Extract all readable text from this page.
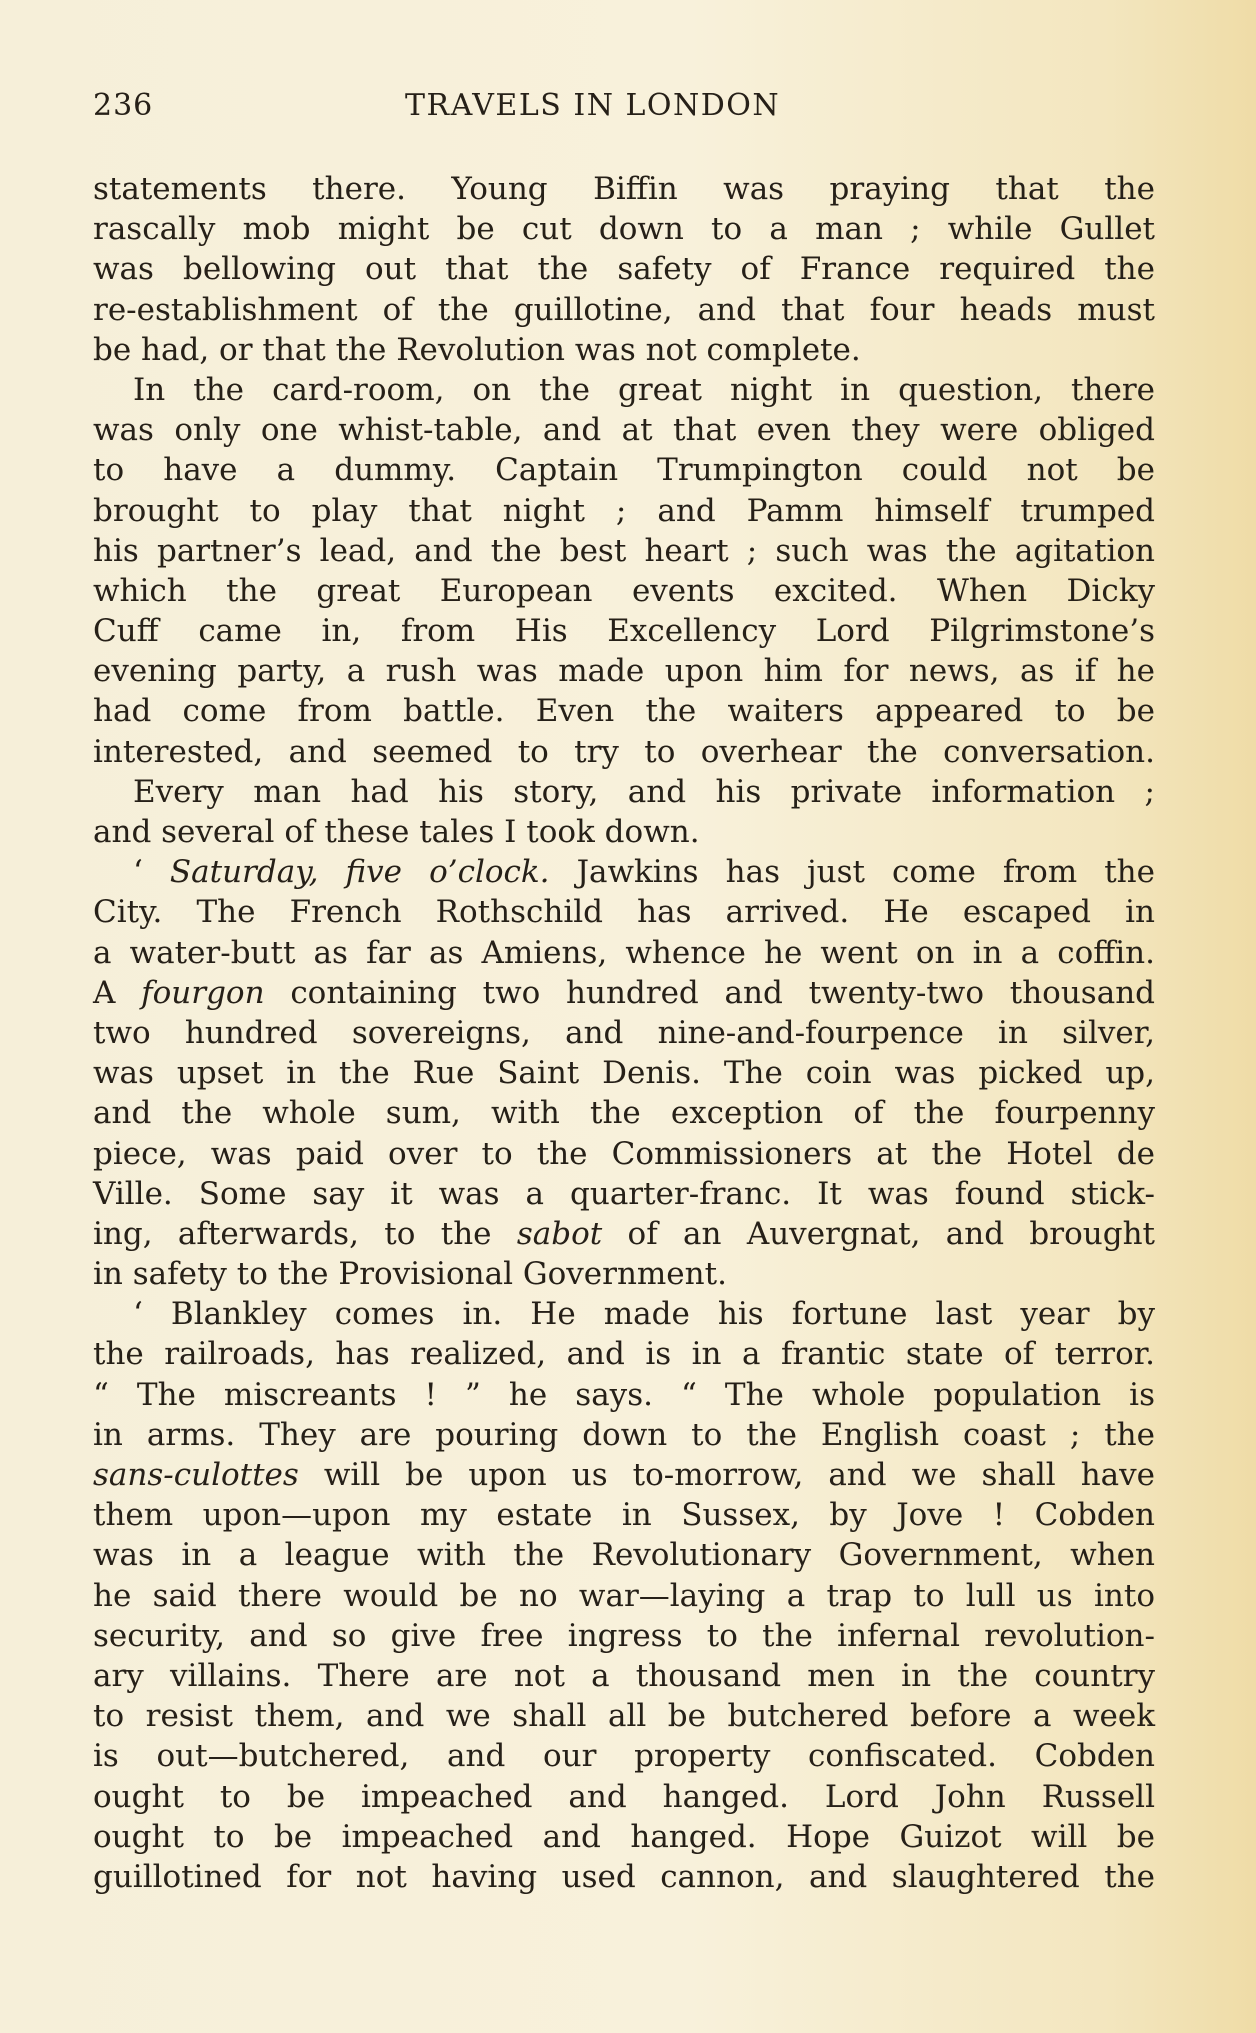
236	TRAVELS IN LONDON
statements there. Young Biffin was praying that the
rascally mob might be cut down to a man ; while Gullet
was bellowing out that the safety of France required the
re-establishment of the guillotine, and that four heads must
be had, or that the Revolution was not complete.
In the card-room, on the great night in question, there
was only one whist-table, and at that even they were obliged
to have a dummy. Captain Trumpington could not be
brought to play that night ; and Pamm himself trumped
his partner’s lead, and the best heart ; such was the agitation
which the great European events excited. When Dicky
Cuff came in, from His Excellency Lord Pilgrimstone’s
evening party, a rush was made upon him for news, as if he
had come from battle. Even the waiters appeared to be
interested, and seemed to try to overhear the conversation.
Every man had his story, and his private information ;
and several of these tales I took down.
‘ Saturday, five o’clock. Jawkins has just come from the
City. The French Rothschild has arrived. He escaped in
a water-butt as far as Amiens, whence he went on in a coffin.
A fourgon containing two hundred and twenty-two thousand
two hundred sovereigns, and nine-and-fourpence in silver,
was upset in the Rue Saint Denis. The coin was picked up,
and the whole sum, with the exception of the fourpenny
piece, was paid over to the Commissioners at the Hotel de
Ville. Some say it was a quarter-franc. It was found stick-
ing, afterwards, to the sabot of an Auvergnat, and brought
in safety to the Provisional Government.
‘ Blankley comes in. He made his fortune last year by
the railroads, has realized, and is in a frantic state of terror.
“ The miscreants ! ” he says. “ The whole population is
in arms. They are pouring down to the English coast ; the
sans-culottes will be upon us to-morrow, and we shall have
them upon—upon my estate in Sussex, by Jove ! Cobden
was in a league with the Revolutionary Government, when
he said there would be no war—laying a trap to lull us into
security, and so give free ingress to the infernal revolution-
ary villains. There are not a thousand men in the country
to resist them, and we shall all be butchered before a week
is out—butchered, and our property confiscated. Cobden
ought to be impeached and hanged. Lord John Russell
ought to be impeached and hanged. Hope Guizot will be
guillotined for not having used cannon, and slaughtered the
